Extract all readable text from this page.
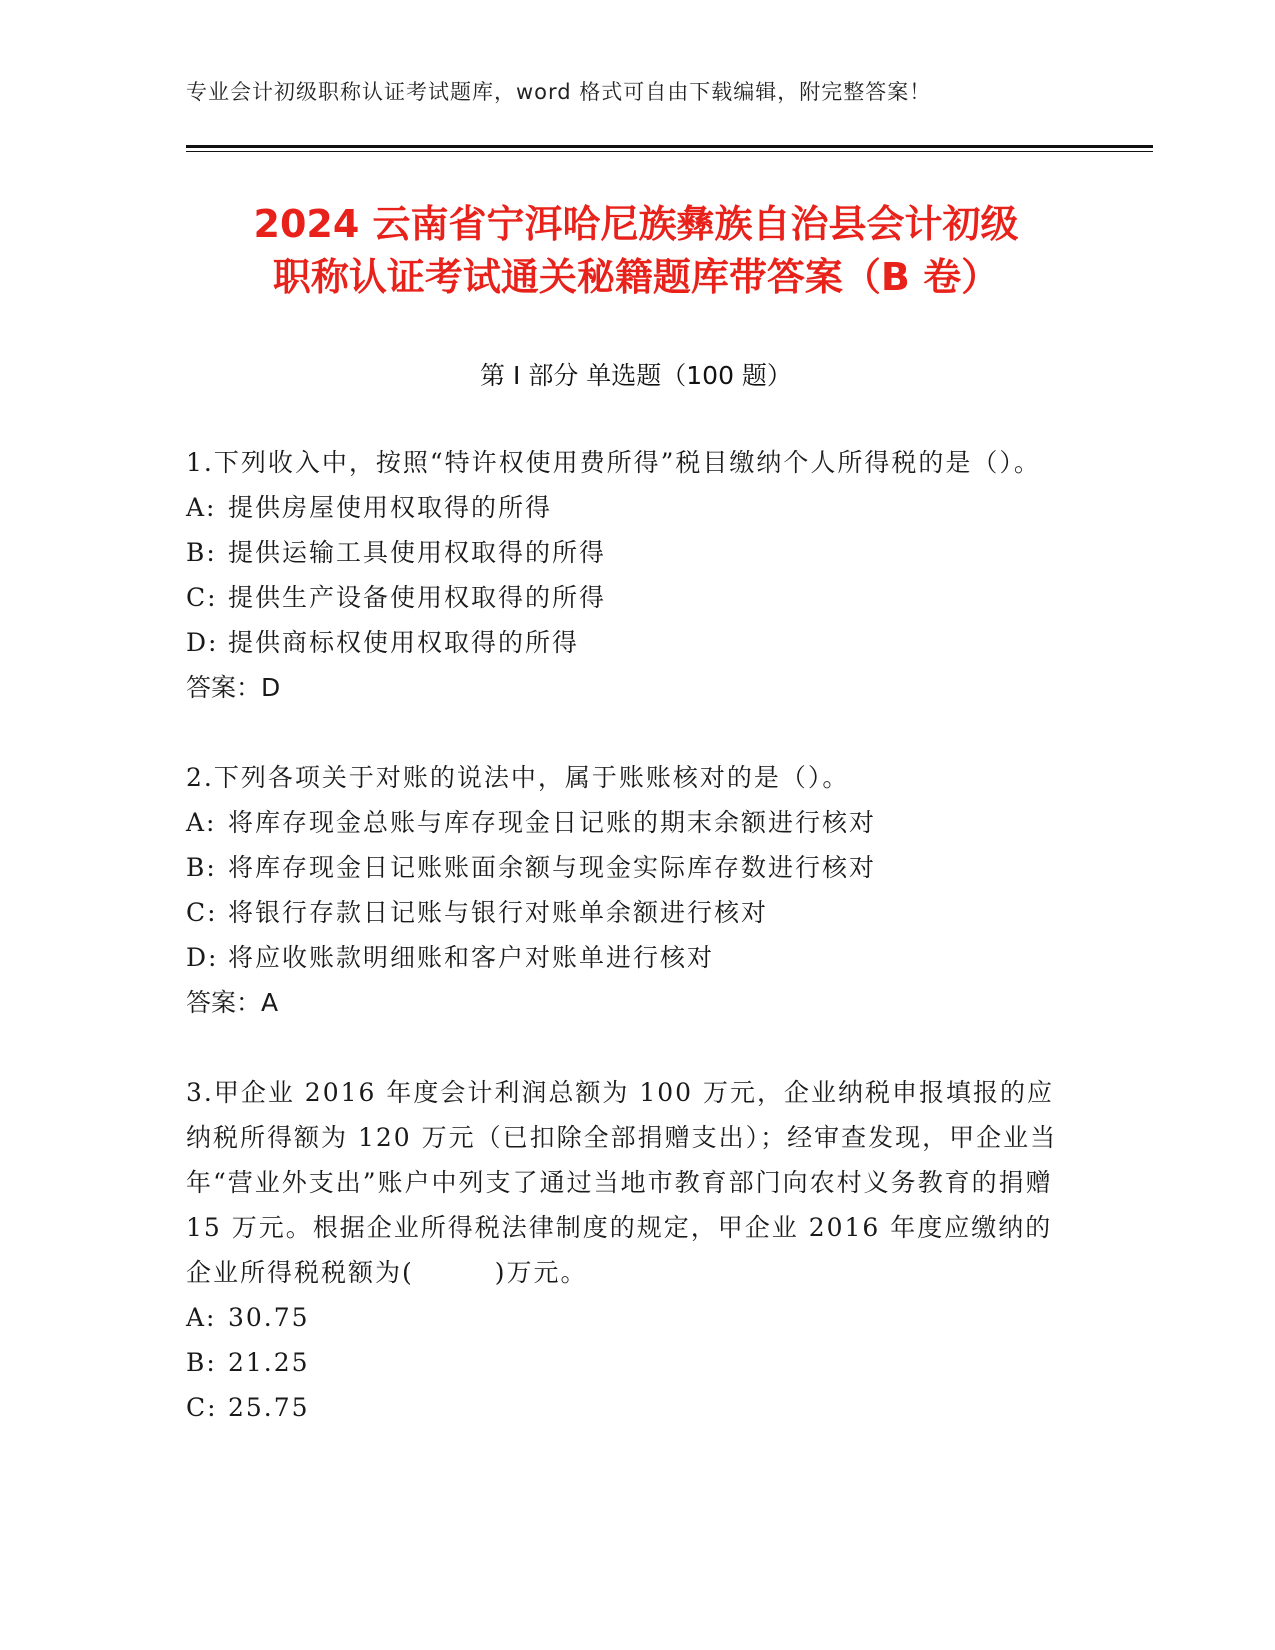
专业会计初级职称认证考试题库，word 格式可自由下载编辑，附完整答案！
2024 云南省宁洱哈尼族彝族自治县会计初级
职称认证考试通关秘籍题库带答案（B 卷）
第 I 部分 单选题（100 题）

1.下列收入中，按照“特许权使用费所得”税目缴纳个人所得税的是（）。

A: 提供房屋使用权取得的所得

B: 提供运输工具使用权取得的所得

C: 提供生产设备使用权取得的所得

D: 提供商标权使用权取得的所得

答案：D

2.下列各项关于对账的说法中，属于账账核对的是（）。

A: 将库存现金总账与库存现金日记账的期末余额进行核对

B: 将库存现金日记账账面余额与现金实际库存数进行核对

C: 将银行存款日记账与银行对账单余额进行核对

D: 将应收账款明细账和客户对账单进行核对

答案：A

3.甲企业 2016 年度会计利润总额为 100 万元，企业纳税申报填报的应纳税所得额为 120 万元（已扣除全部捐赠支出）；经审查发现，甲企业当年“营业外支出”账户中列支了通过当地市教育部门向农村义务教育的捐赠 15 万元。根据企业所得税法律制度的规定，甲企业 2016 年度应缴纳的企业所得税税额为(　　　)万元。

A: 30.75

B: 21.25

C: 25.75
